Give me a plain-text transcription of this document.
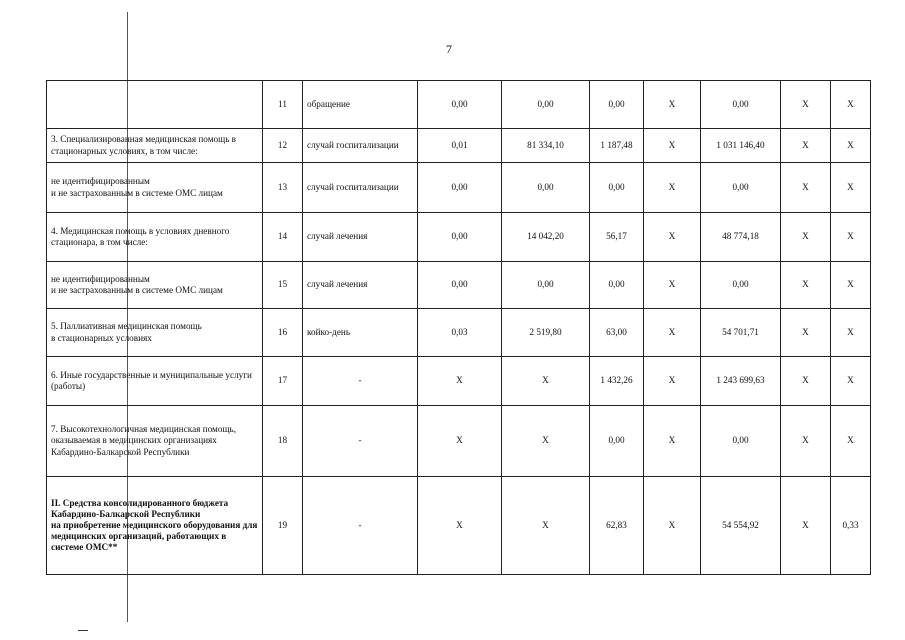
7
	11	обращение	0,00	0,00	0,00	X	0,00	X	X
3. Специализированная медицинская помощь в стационарных условиях, в том числе:	12	случай госпитализации	0,01	81 334,10	1 187,48	X	1 031 146,40	X	X
не идентифицированным
и не застрахованным в системе ОМС лицам	13	случай госпитализации	0,00	0,00	0,00	X	0,00	X	X
4. Медицинская помощь в условиях дневного стационара, в том числе:	14	случай лечения	0,00	14 042,20	56,17	X	48 774,18	X	X
не идентифицированным
и не застрахованным в системе ОМС лицам	15	случай лечения	0,00	0,00	0,00	X	0,00	X	X
5. Паллиативная медицинская помощь
в стационарных условиях	16	койко-день	0,03	2 519,80	63,00	X	54 701,71	X	X
6. Иные государственные и муниципальные услуги (работы)	17	-	X	X	1 432,26	X	1 243 699,63	X	X
7. Высокотехнологичная медицинская помощь, оказываемая в медицинских организациях Кабардино-Балкарской Республики	18	-	X	X	0,00	X	0,00	X	X
II. Средства консолидированного бюджета Кабардино-Балкарской Республики
на приобретение медицинского оборудования для медицинских организаций, работающих в системе ОМС**	19	-	X	X	62,83	X	54 554,92	X	0,33
